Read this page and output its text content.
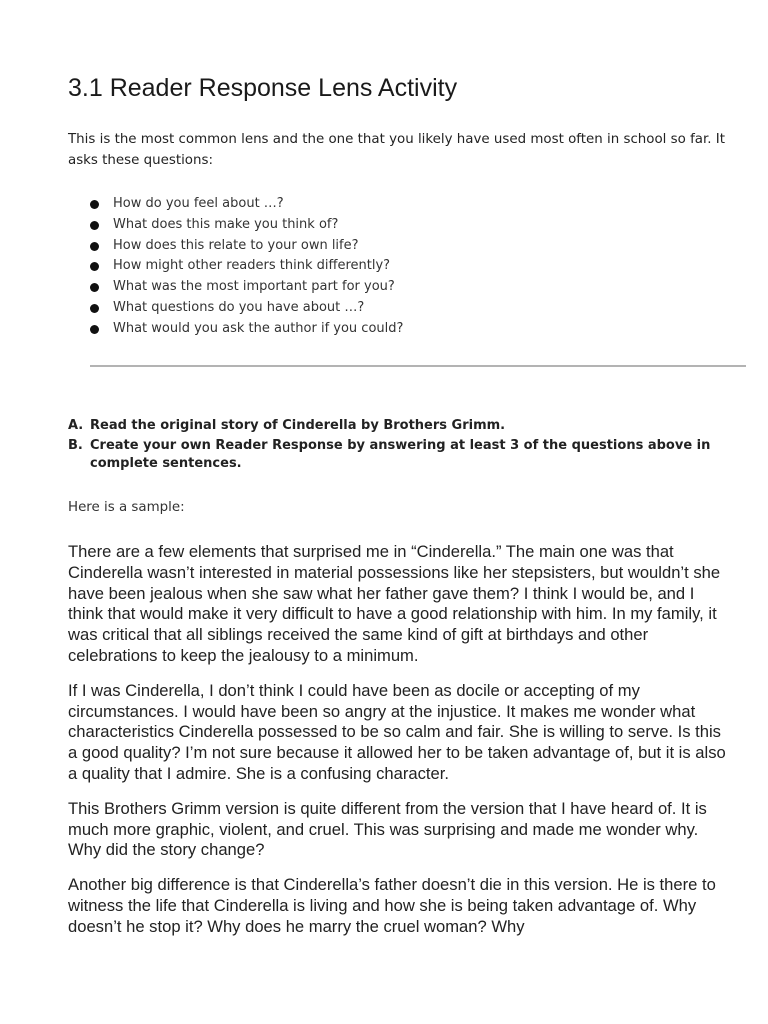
3.1 Reader Response Lens Activity

This is the most common lens and the one that you likely have used most often in school so far. It asks these questions:

How do you feel about …?
What does this make you think of?
How does this relate to your own life?
How might other readers think differently?
What was the most important part for you?
What questions do you have about …?
What would you ask the author if you could?
A. Read the original story of Cinderella by Brothers Grimm.
B. Create your own Reader Response by answering at least 3 of the questions above in complete sentences.

Here is a sample:

There are a few elements that surprised me in “Cinderella.” The main one was that Cinderella wasn’t interested in material possessions like her stepsisters, but wouldn’t she have been jealous when she saw what her father gave them? I think I would be, and I think that would make it very difficult to have a good relationship with him. In my family, it was critical that all siblings received the same kind of gift at birthdays and other celebrations to keep the jealousy to a minimum.

If I was Cinderella, I don’t think I could have been as docile or accepting of my circumstances. I would have been so angry at the injustice. It makes me wonder what characteristics Cinderella possessed to be so calm and fair. She is willing to serve. Is this a good quality? I’m not sure because it allowed her to be taken advantage of, but it is also a quality that I admire. She is a confusing character.

This Brothers Grimm version is quite different from the version that I have heard of. It is much more graphic, violent, and cruel. This was surprising and made me wonder why. Why did the story change?

Another big difference is that Cinderella’s father doesn’t die in this version. He is there to witness the life that Cinderella is living and how she is being taken advantage of. Why doesn’t he stop it? Why does he marry the cruel woman? Why
